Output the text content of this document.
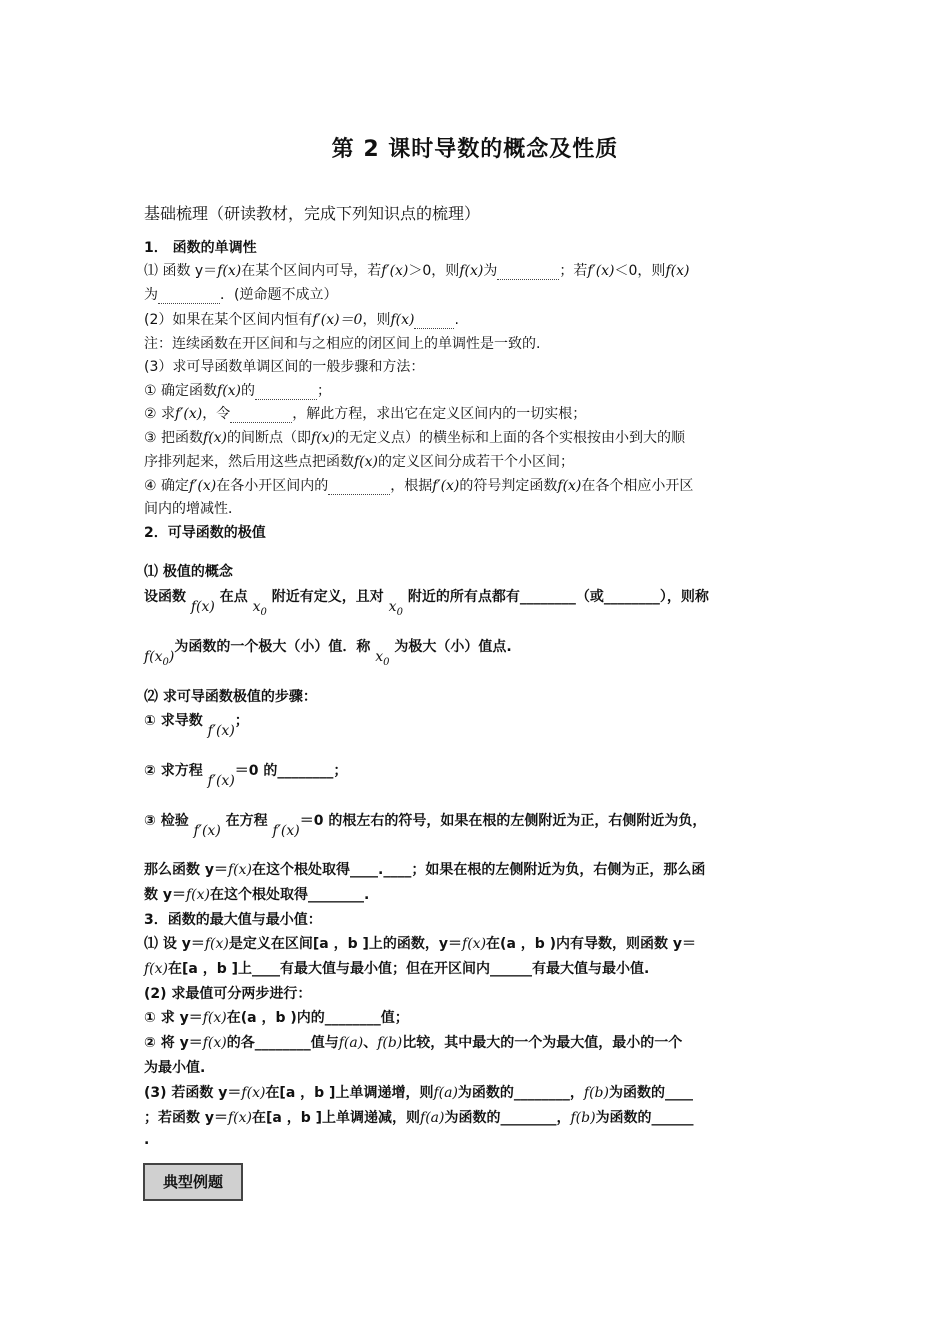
第 2 课时导数的概念及性质
基础梳理（研读教材，完成下列知识点的梳理）
1． 函数的单调性
⑴ 函数 y＝f(x)在某个区间内可导，若f′(x)＞0，则f(x)为	；若f′(x)＜0，则f(x)
为	．(逆命题不成立）
(2）如果在某个区间内恒有f′(x)＝0，则f(x)	.
注：连续函数在开区间和与之相应的闭区间上的单调性是一致的.
(3）求可导函数单调区间的一般步骤和方法：
① 确定函数f(x)的	；
② 求f′(x)，令	，解此方程，求出它在定义区间内的一切实根；
③ 把函数f(x)的间断点（即f(x)的无定义点）的横坐标和上面的各个实根按由小到大的顺
序排列起来，然后用这些点把函数f(x)的定义区间分成若干个小区间；
④ 确定f′(x)在各小开区间内的	，根据f′(x)的符号判定函数f(x)在各个相应小开区
间内的增减性．
2．可导函数的极值
⑴ 极值的概念
设函数 f(x) 在点 $x_0$ 附近有定义，且对 $x_0$ 附近的所有点都有________（或________），则称
$f(x_0)$为函数的一个极大（小）值．称 $x_0$ 为极大（小）值点.
⑵ 求可导函数极值的步骤：
① 求导数 f′(x)；
② 求方程 f′(x)＝0 的________；
③ 检验 f′(x) 在方程 f′(x)＝0 的根左右的符号，如果在根的左侧附近为正，右侧附近为负，
那么函数 y＝f(x)在这个根处取得____.____；如果在根的左侧附近为负，右侧为正，那么函
数 y＝f(x)在这个根处取得________.
3．函数的最大值与最小值：
⑴ 设 y＝f(x)是定义在区间[a ，b ]上的函数，y＝f(x)在(a ，b )内有导数，则函数 y＝
f(x)在[a ，b ]上____有最大值与最小值；但在开区间内______有最大值与最小值.
(2) 求最值可分两步进行：
① 求 y＝f(x)在(a ，b )内的________值；
② 将 y＝f(x)的各________值与f(a)、f(b)比较，其中最大的一个为最大值，最小的一个
为最小值.
(3) 若函数 y＝f(x)在[a ，b ]上单调递增，则f(a)为函数的________，f(b)为函数的____
；若函数 y＝f(x)在[a ，b ]上单调递减，则f(a)为函数的________，f(b)为函数的______
.
典型例题
